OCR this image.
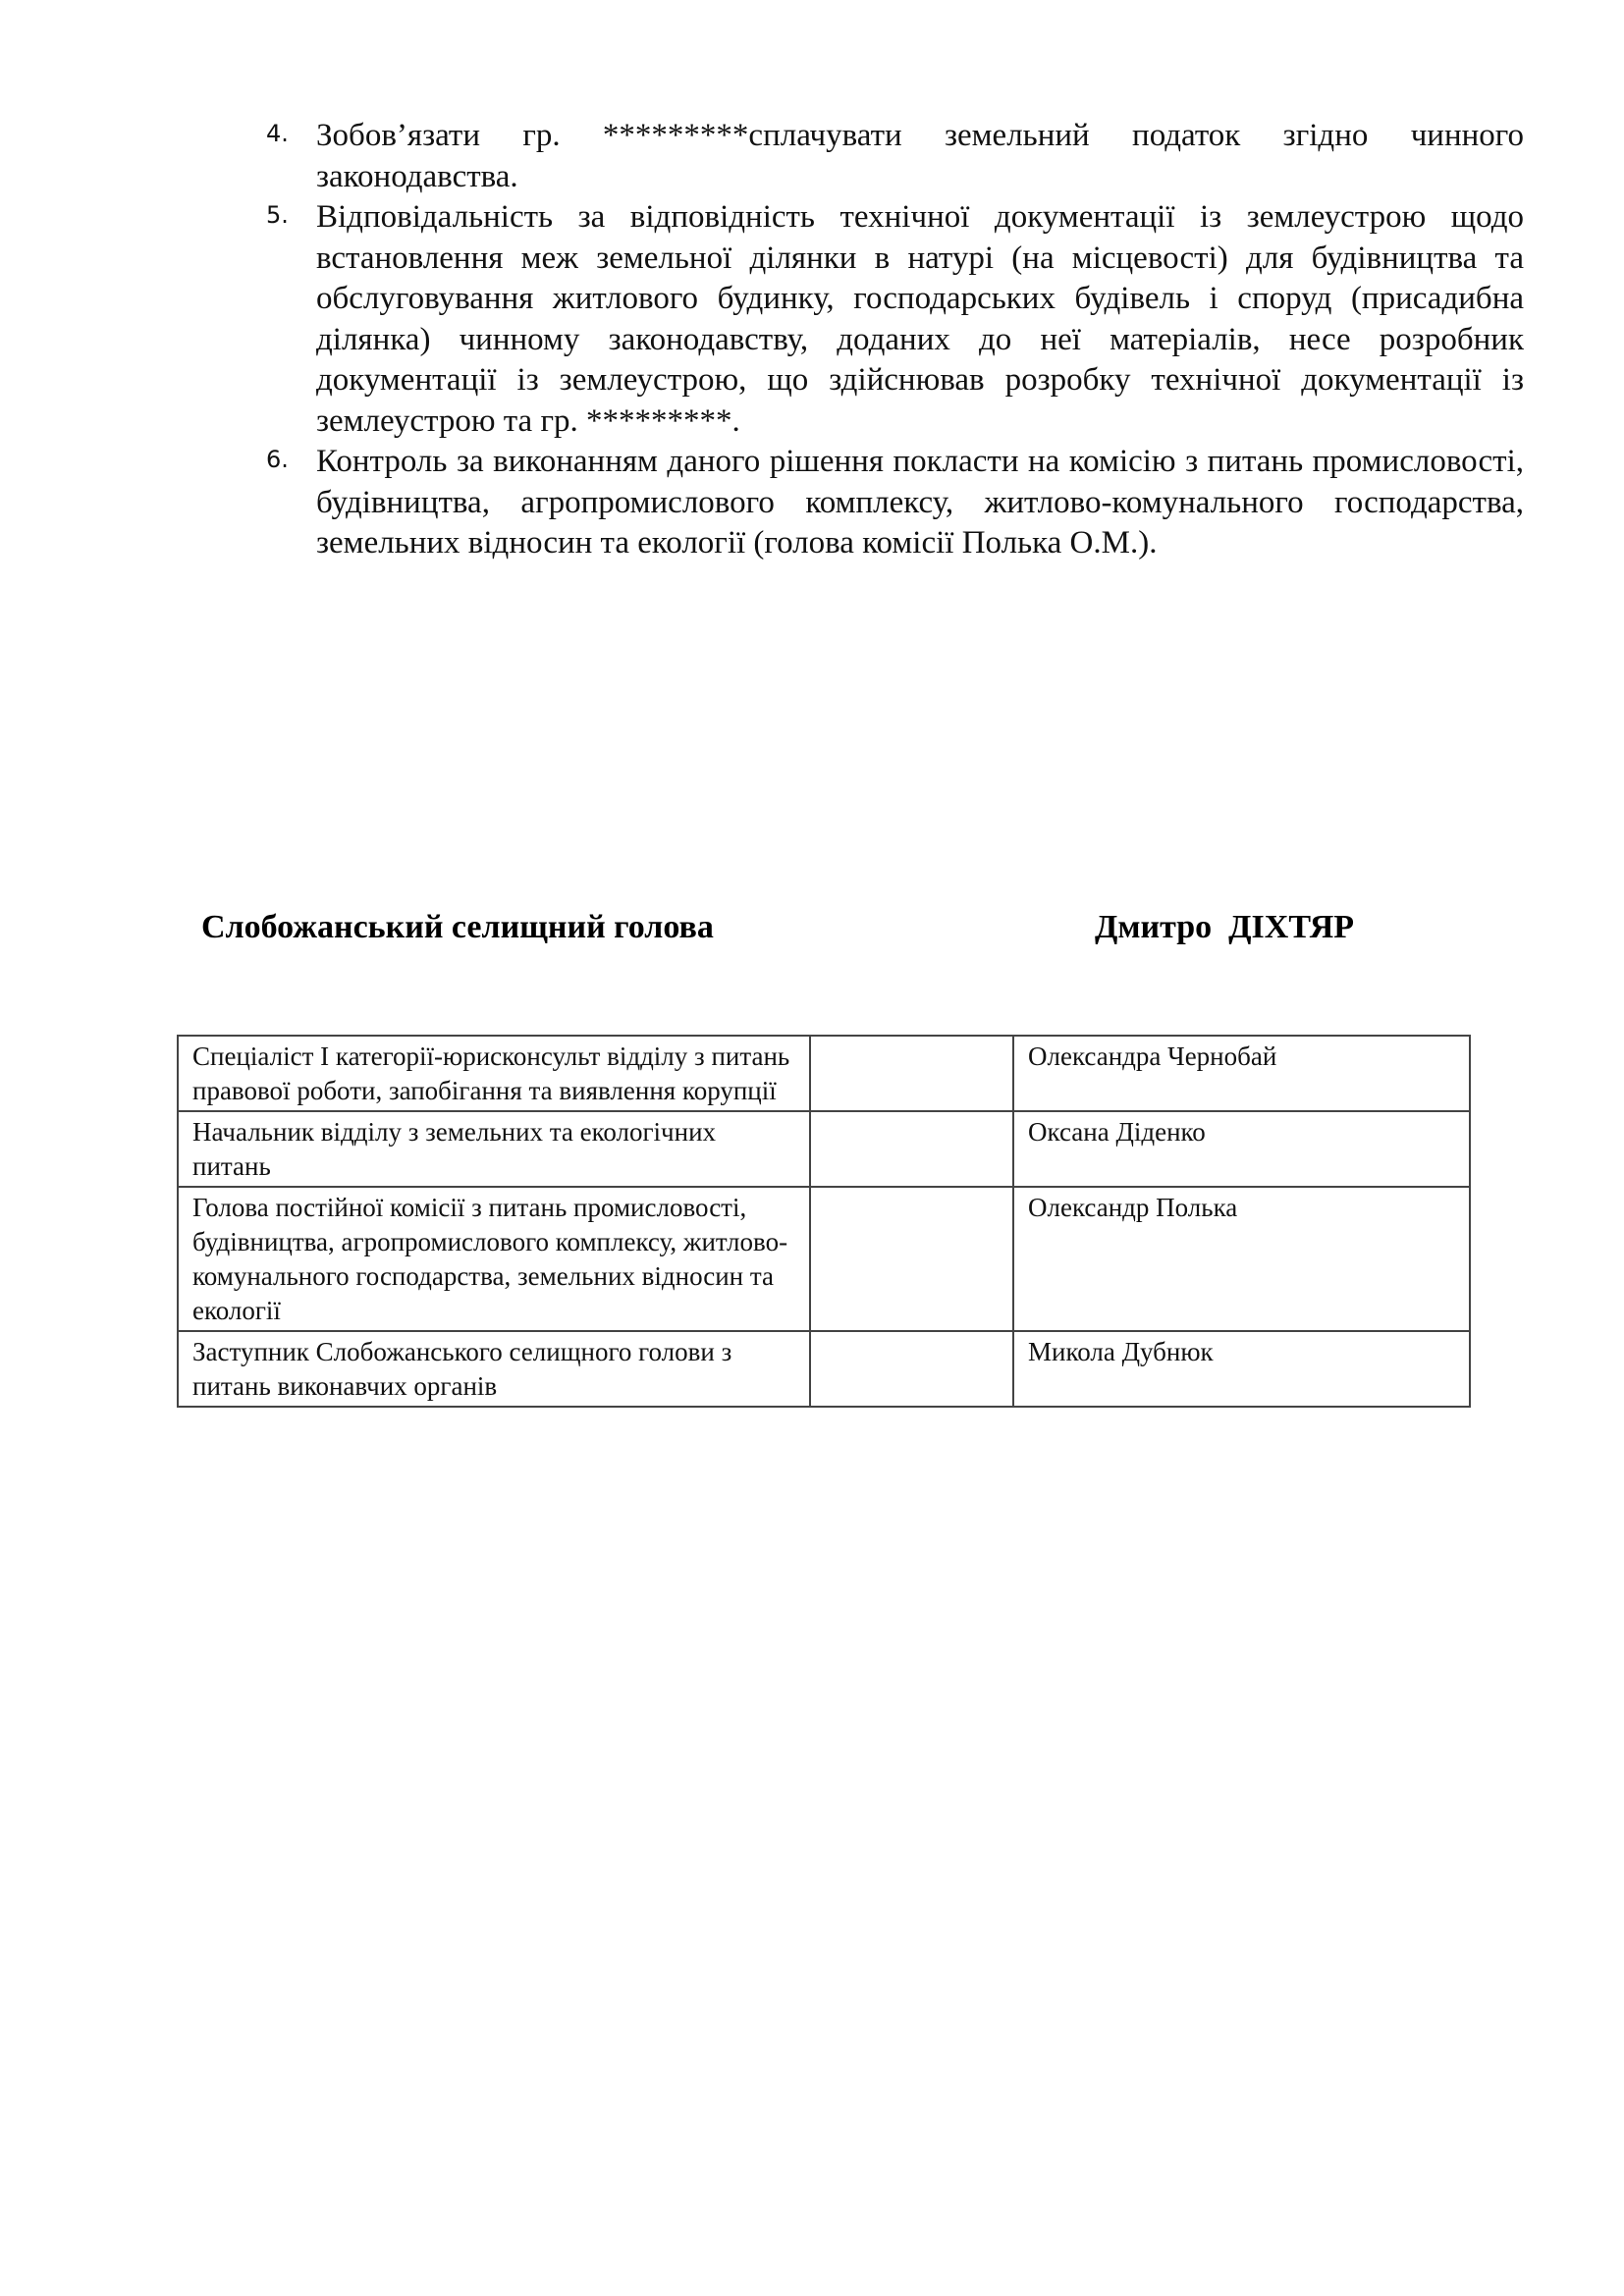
4. Зобов’язати гр. *********сплачувати земельний податок згідно чинного законодавства.

5. Відповідальність за відповідність технічної документації із землеустрою щодо встановлення меж земельної ділянки в натурі (на місцевості) для будівництва та обслуговування житлового будинку, господарських будівель і споруд (присадибна ділянка) чинному законодавству, доданих до неї матеріалів, несе розробник документації із землеустрою, що здійснював розробку технічної документації із землеустрою та гр. *********.

6. Контроль за виконанням даного рішення покласти на комісію з питань промисловості, будівництва, агропромислового комплексу, житлово-комунального господарства, земельних відносин та екології (голова комісії Полька О.М.).

Слобожанський селищний голова	Дмитро  ДІХТЯР
Спеціаліст І категорії-юрисконсульт відділу з питань правової роботи, запобігання та виявлення корупції		Олександра Чернобай
Начальник відділу з земельних та екологічних питань		Оксана Діденко
Голова постійної комісії з питань промисловості, будівництва, агропромислового комплексу, житлово-комунального господарства, земельних відносин та екології		Олександр Полька
Заступник Слобожанського селищного голови з питань виконавчих органів		Микола Дубнюк
